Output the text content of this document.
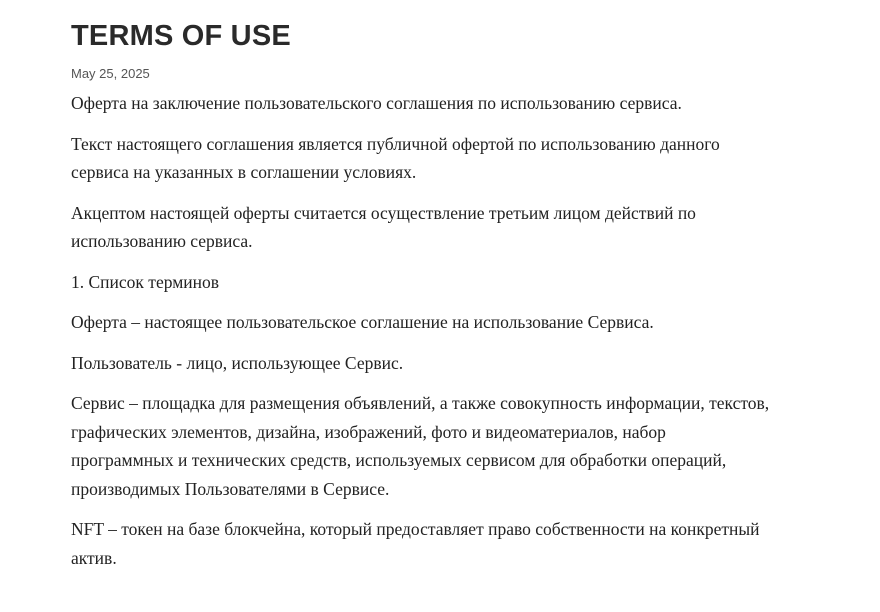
TERMS OF USE
May 25, 2025

Оферта на заключение пользовательского соглашения по использованию сервиса.

Текст настоящего соглашения является публичной офертой по использованию данного сервиса на указанных в соглашении условиях.

Акцептом настоящей оферты считается осуществление третьим лицом действий по использованию сервиса.

1. Список терминов

Оферта – настоящее пользовательское соглашение на использование Сервиса.

Пользователь - лицо, использующее Сервис.

Сервис – площадка для размещения объявлений, а также совокупность информации, текстов, графических элементов, дизайна, изображений, фото и видеоматериалов, набор программных и технических средств, используемых сервисом для обработки операций, производимых Пользователями в Сервисе.

NFT – токен на базе блокчейна, который предоставляет право собственности на конкретный актив.
